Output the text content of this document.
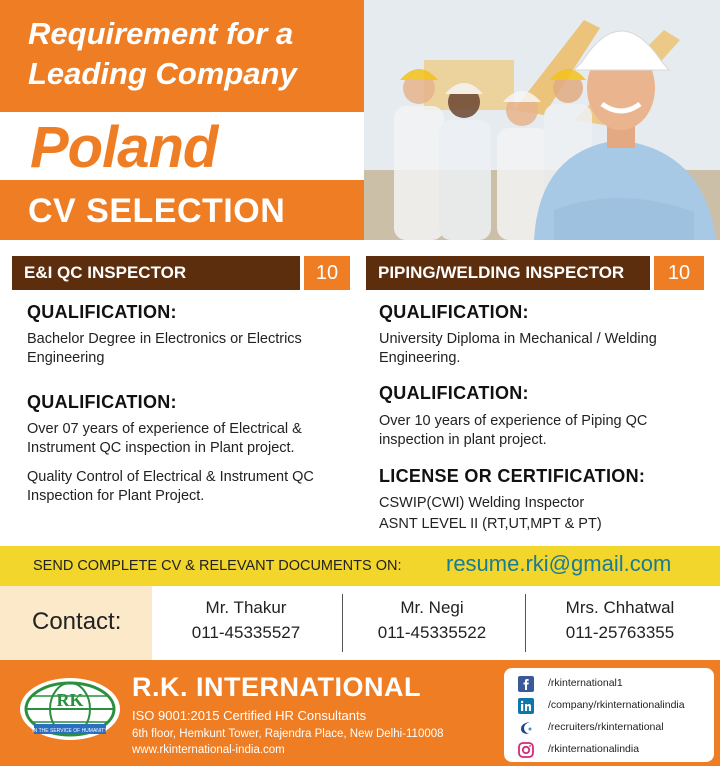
Requirement for a
Leading Company
Poland
CV SELECTION
E&I QC INSPECTOR	10
QUALIFICATION:
Bachelor Degree in Electronics or Electrics
Engineering
QUALIFICATION:
Over 07 years of experience of Electrical &
Instrument QC inspection in Plant project.
Quality Control of Electrical & Instrument QC
Inspection for Plant Project.
PIPING/WELDING INSPECTOR	10
QUALIFICATION:
University Diploma in Mechanical / Welding
Engineering.
QUALIFICATION:
Over 10 years of experience of Piping QC
inspection in plant project.
LICENSE OR CERTIFICATION:
CSWIP(CWI) Welding Inspector
ASNT LEVEL II (RT,UT,MPT & PT)
SEND COMPLETE CV & RELEVANT DOCUMENTS ON: resume.rki@gmail.com
Contact:
Mr. Thakur
011-45335527
Mr. Negi
011-45335522
Mrs. Chhatwal
011-25763355
RK
IN THE SERVICE OF HUMANITY
R.K. INTERNATIONAL
ISO 9001:2015 Certified HR Consultants
6th floor, Hemkunt Tower, Rajendra Place, New Delhi-110008
www.rkinternational-india.com
/rkinternational1
/company/rkinternationalindia
/recruiters/rkinternational
/rkinternationalindia
